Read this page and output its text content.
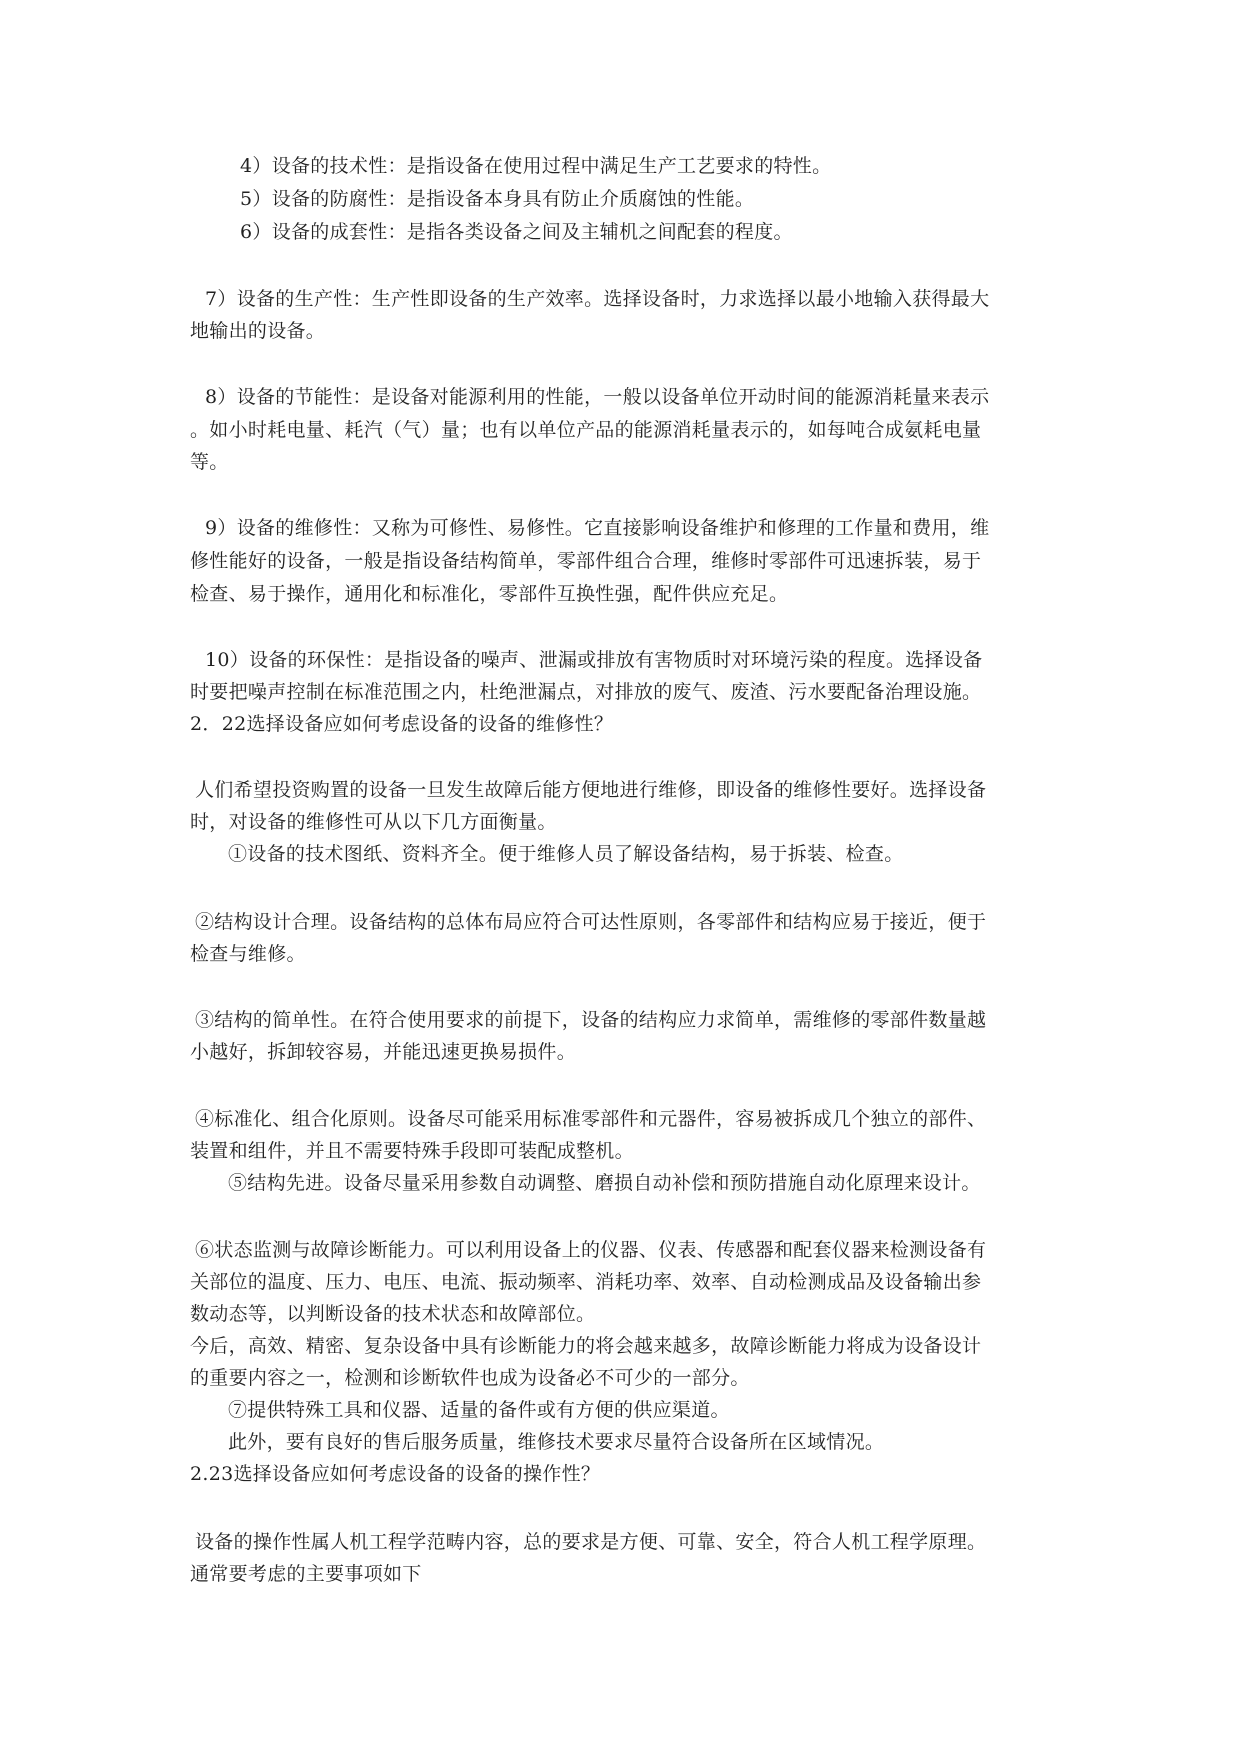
4）设备的技术性：是指设备在使用过程中满足生产工艺要求的特性。
5）设备的防腐性：是指设备本身具有防止介质腐蚀的性能。
6）设备的成套性：是指各类设备之间及主辅机之间配套的程度。
7）设备的生产性：生产性即设备的生产效率。选择设备时，力求选择以最小地输入获得最大
地输出的设备。
8）设备的节能性：是设备对能源利用的性能，一般以设备单位开动时间的能源消耗量来表示
。如小时耗电量、耗汽（气）量；也有以单位产品的能源消耗量表示的，如每吨合成氨耗电量
等。
9）设备的维修性：又称为可修性、易修性。它直接影响设备维护和修理的工作量和费用，维
修性能好的设备，一般是指设备结构简单，零部件组合合理，维修时零部件可迅速拆装，易于
检查、易于操作，通用化和标准化，零部件互换性强，配件供应充足。
10）设备的环保性：是指设备的噪声、泄漏或排放有害物质时对环境污染的程度。选择设备
时要把噪声控制在标准范围之内，杜绝泄漏点，对排放的废气、废渣、污水要配备治理设施。
2．22选择设备应如何考虑设备的设备的维修性？
人们希望投资购置的设备一旦发生故障后能方便地进行维修，即设备的维修性要好。选择设备
时，对设备的维修性可从以下几方面衡量。
①设备的技术图纸、资料齐全。便于维修人员了解设备结构，易于拆装、检查。
②结构设计合理。设备结构的总体布局应符合可达性原则，各零部件和结构应易于接近，便于
检查与维修。
③结构的简单性。在符合使用要求的前提下，设备的结构应力求简单，需维修的零部件数量越
小越好，拆卸较容易，并能迅速更换易损件。
④标准化、组合化原则。设备尽可能采用标准零部件和元器件，容易被拆成几个独立的部件、
装置和组件，并且不需要特殊手段即可装配成整机。
⑤结构先进。设备尽量采用参数自动调整、磨损自动补偿和预防措施自动化原理来设计。
⑥状态监测与故障诊断能力。可以利用设备上的仪器、仪表、传感器和配套仪器来检测设备有
关部位的温度、压力、电压、电流、振动频率、消耗功率、效率、自动检测成品及设备输出参
数动态等，以判断设备的技术状态和故障部位。
今后，高效、精密、复杂设备中具有诊断能力的将会越来越多，故障诊断能力将成为设备设计
的重要内容之一，检测和诊断软件也成为设备必不可少的一部分。
⑦提供特殊工具和仪器、适量的备件或有方便的供应渠道。
此外，要有良好的售后服务质量，维修技术要求尽量符合设备所在区域情况。
2.23选择设备应如何考虑设备的设备的操作性？
设备的操作性属人机工程学范畴内容，总的要求是方便、可靠、安全，符合人机工程学原理。
通常要考虑的主要事项如下
